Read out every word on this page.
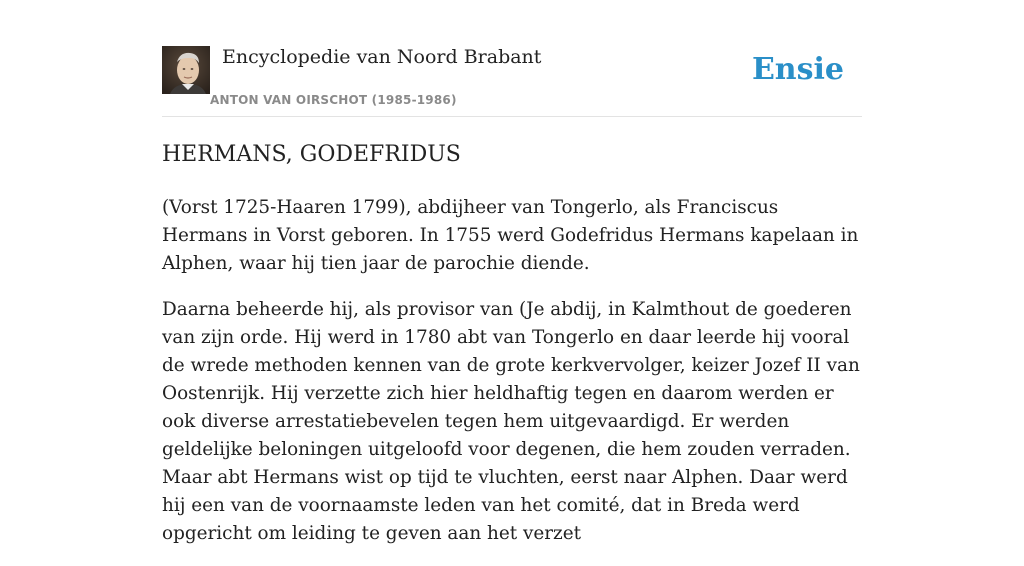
Encyclopedie van Noord Brabant
ANTON VAN OIRSCHOT (1985-1986)
Ensie
HERMANS, GODEFRIDUS

(Vorst 1725-Haaren 1799), abdijheer van Tongerlo, als Franciscus Hermans in Vorst geboren. In 1755 werd Godefridus Hermans kapelaan in Alphen, waar hij tien jaar de parochie diende.

Daarna beheerde hij, als provisor van (Je abdij, in Kalmthout de goederen van zijn orde. Hij werd in 1780 abt van Tongerlo en daar leerde hij vooral de wrede methoden kennen van de grote kerkvervolger, keizer Jozef II van Oostenrijk. Hij verzette zich hier heldhaftig tegen en daarom werden er ook diverse arrestatiebevelen tegen hem uitgevaardigd. Er werden geldelijke beloningen uitgeloofd voor degenen, die hem zouden verraden. Maar abt Hermans wist op tijd te vluchten, eerst naar Alphen. Daar werd hij een van de voornaamste leden van het comité, dat in Breda werd opgericht om leiding te geven aan het verzet
